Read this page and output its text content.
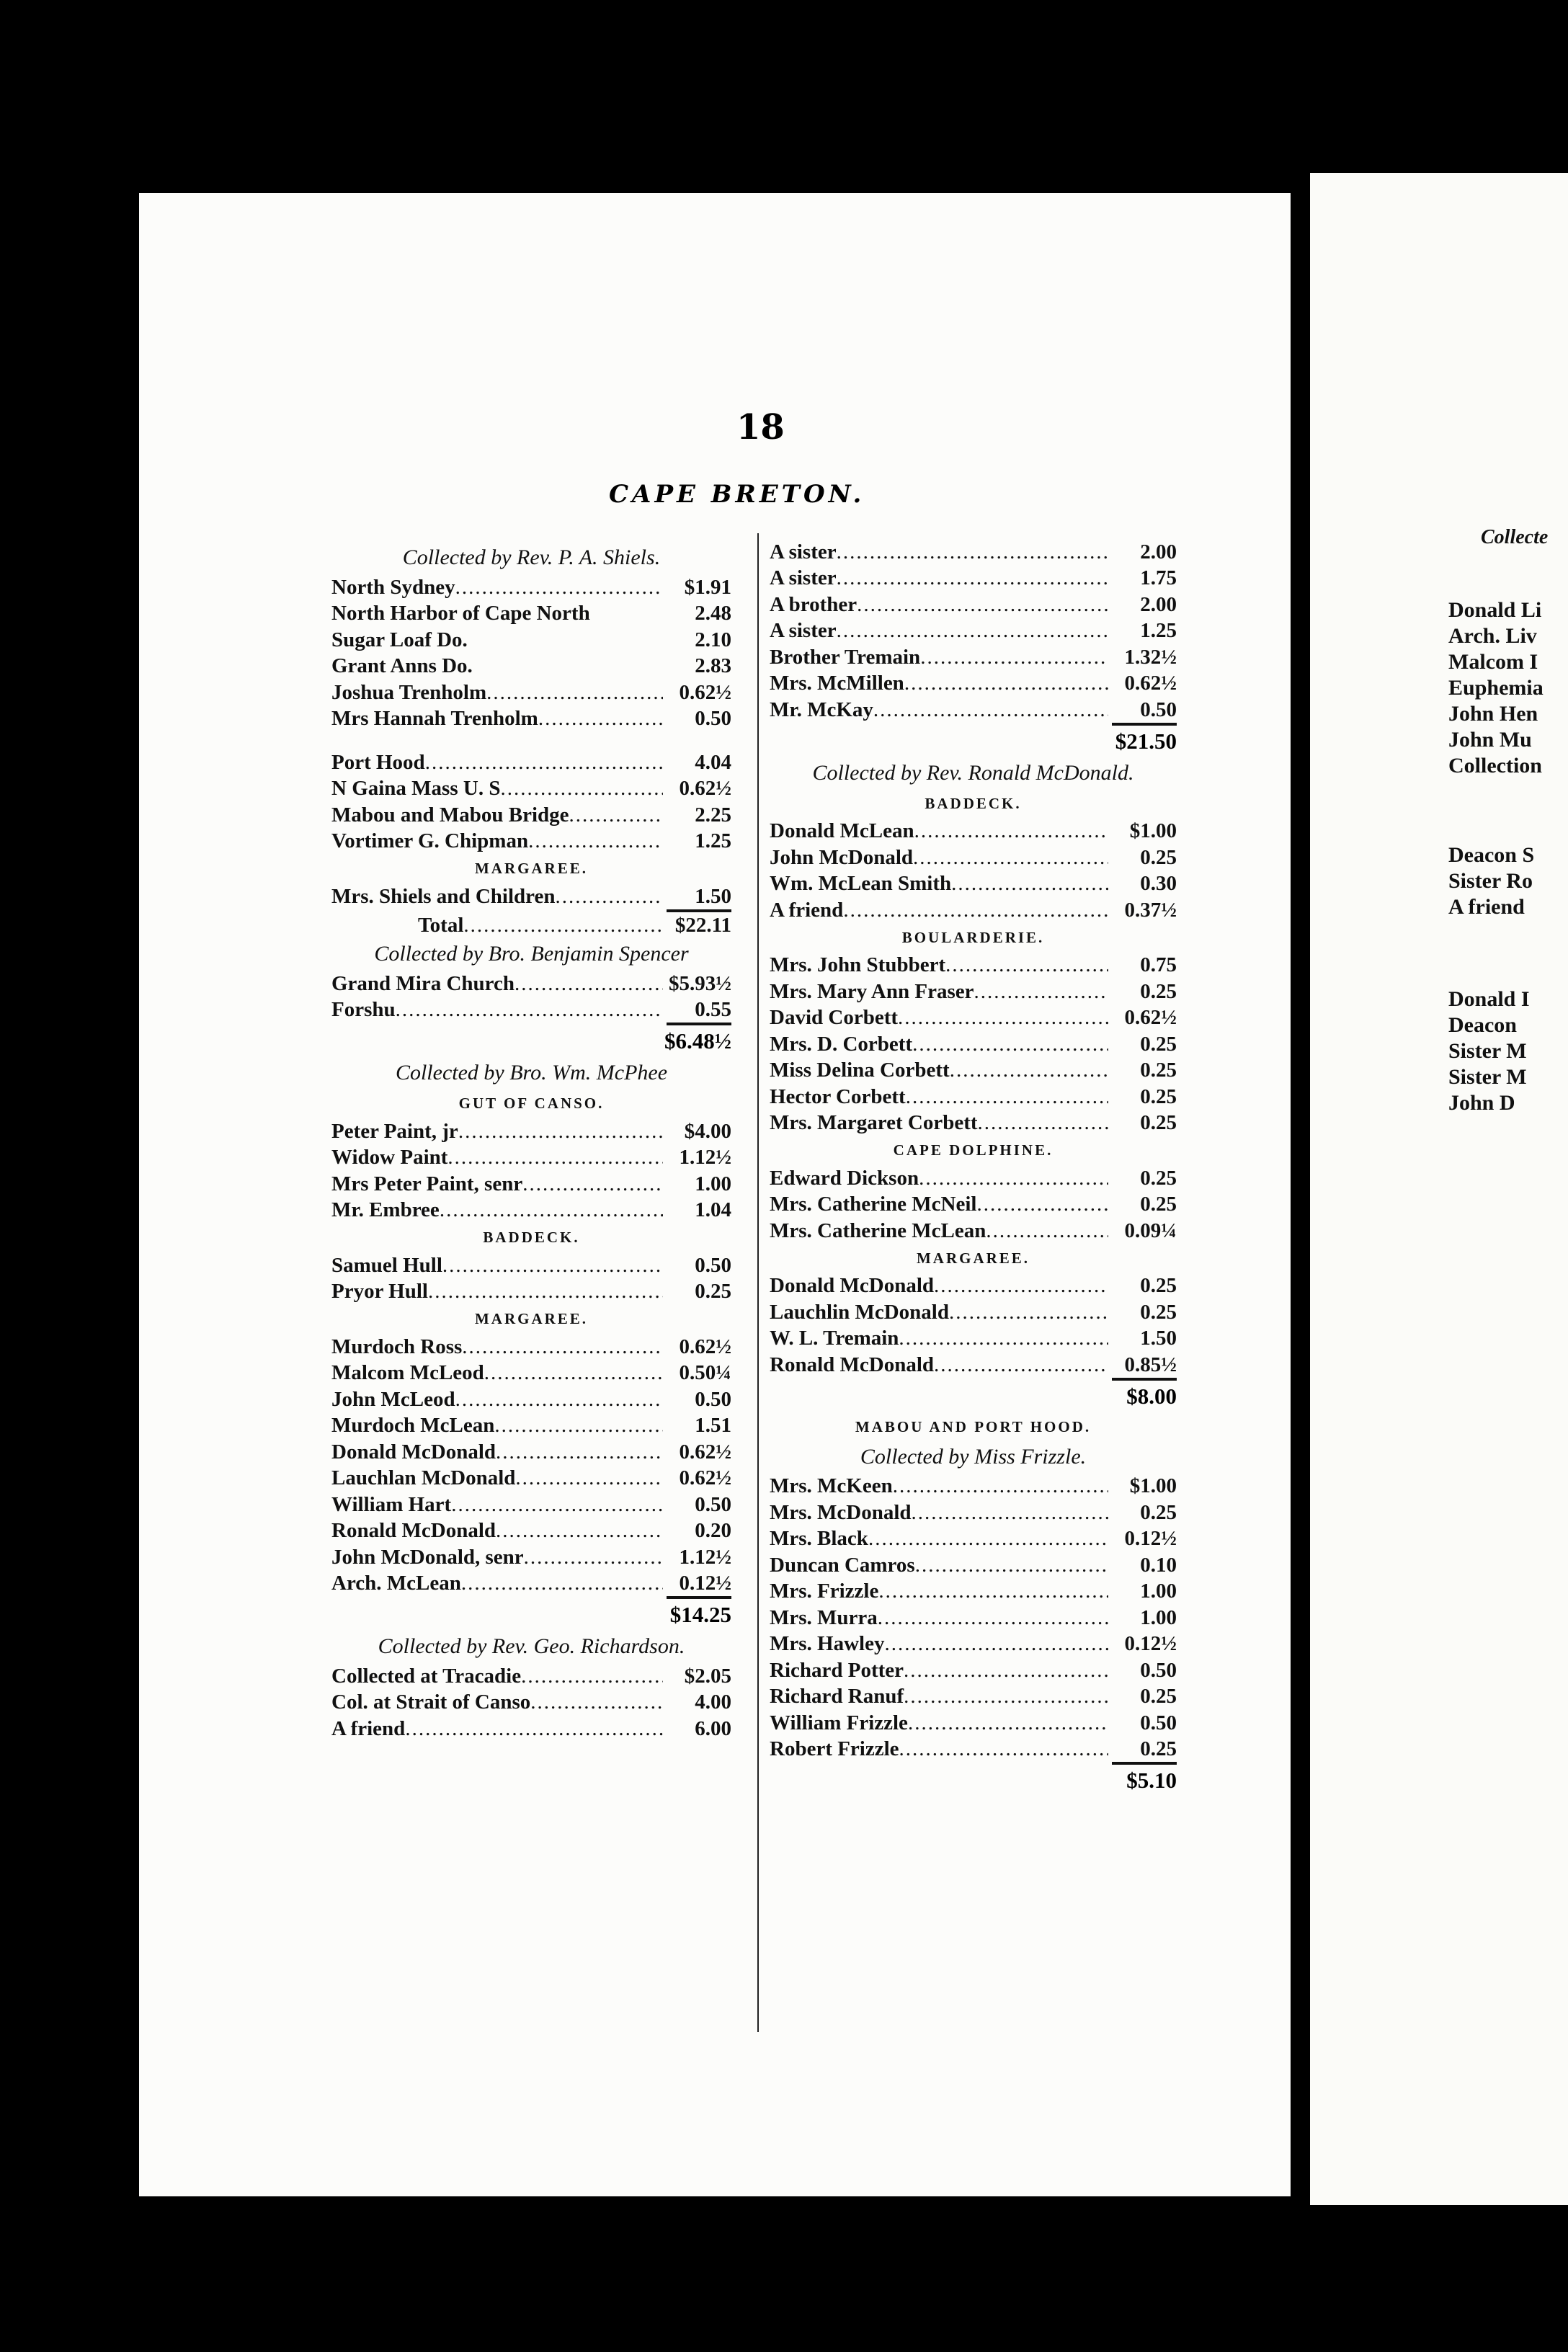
18
CAPE BRETON.
Collected by Rev. P. A. Shiels.
North Sydney .....	$1.91
North Harbor of Cape North	2.48
Sugar Loaf Do.	2.10
Grant Anns Do.	2.83
Joshua Trenholm .....	0.62½
Mrs Hannah Trenholm .....	0.50
Port Hood .....	4.04
N Gaina Mass U. S .....	0.62½
Mabou and Mabou Bridge .....	2.25
Vortimer G. Chipman .....	1.25
MARGAREE.
Mrs. Shiels and Children .....	1.50
Total .....	$22.11
Collected by Bro. Benjamin Spencer
Grand Mira Church .....	$5.93½
Forshu .....	0.55
$6.48½
Collected by Bro. Wm. McPhee
GUT OF CANSO.
Peter Paint, jr .....	$4.00
Widow Paint .....	1.12½
Mrs Peter Paint, senr .....	1.00
Mr. Embree .....	1.04
BADDECK.
Samuel Hull .....	0.50
Pryor Hull .....	0.25
MARGAREE.
Murdoch Ross .....	0.62½
Malcom McLeod .....	0.50¼
John McLeod .....	0.50
Murdoch McLean .....	1.51
Donald McDonald .....	0.62½
Lauchlan McDonald .....	0.62½
William Hart .....	0.50
Ronald McDonald .....	0.20
John McDonald, senr .....	1.12½
Arch. McLean .....	0.12½
$14.25
Collected by Rev. Geo. Richardson.
Collected at Tracadie .....	$2.05
Col. at Strait of Canso .....	4.00
A friend .....	6.00
A sister .....	2.00
A sister .....	1.75
A brother .....	2.00
A sister .....	1.25
Brother Tremain .....	1.32½
Mrs. McMillen .....	0.62½
Mr. McKay .....	0.50
$21.50
Collected by Rev. Ronald McDonald.
BADDECK.
Donald McLean .....	$1.00
John McDonald .....	0.25
Wm. McLean Smith .....	0.30
A friend .....	0.37½
BOULARDERIE.
Mrs. John Stubbert .....	0.75
Mrs. Mary Ann Fraser .....	0.25
David Corbett .....	0.62½
Mrs. D. Corbett .....	0.25
Miss Delina Corbett .....	0.25
Hector Corbett .....	0.25
Mrs. Margaret Corbett .....	0.25
CAPE DOLPHINE.
Edward Dickson .....	0.25
Mrs. Catherine McNeil .....	0.25
Mrs. Catherine McLean .....	0.09¼
MARGAREE.
Donald McDonald .....	0.25
Lauchlin McDonald .....	0.25
W. L. Tremain .....	1.50
Ronald McDonald .....	0.85½
$8.00
MABOU AND PORT HOOD.
Collected by Miss Frizzle.
Mrs. McKeen .....	$1.00
Mrs. McDonald .....	0.25
Mrs. Black .....	0.12½
Duncan Camros .....	0.10
Mrs. Frizzle .....	1.00
Mrs. Murra .....	1.00
Mrs. Hawley .....	0.12½
Richard Potter .....	0.50
Richard Ranuf .....	0.25
William Frizzle .....	0.50
Robert Frizzle .....	0.25
$5.10
Collecte
Donald Li
Arch. Liv
Malcom I
Euphemia
John Hen
John Mu
Collection
Deacon S
Sister Ro
A friend
Donald I
Deacon
Sister M
Sister M
John D
